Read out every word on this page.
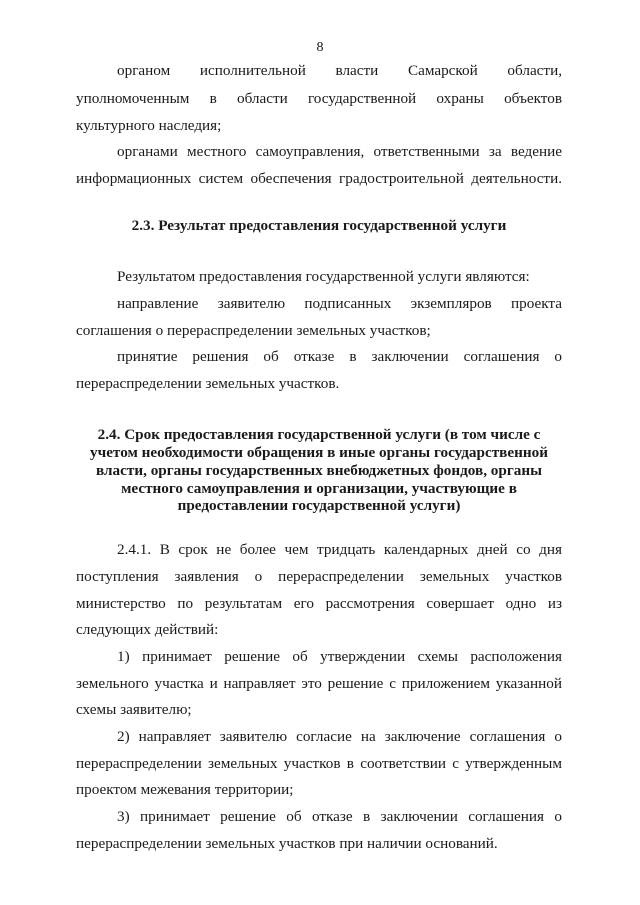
8
органом исполнительной власти Самарской области,
уполномоченным в области государственной охраны объектов
культурного наследия;
органами местного самоуправления, ответственными за ведение
информационных систем обеспечения градостроительной деятельности.
2.3. Результат предоставления государственной услуги
Результатом предоставления государственной услуги являются:
направление заявителю подписанных экземпляров проекта
соглашения о перераспределении земельных участков;
принятие решения об отказе в заключении соглашения о
перераспределении земельных участков.
2.4. Срок предоставления государственной услуги (в том числе с
учетом необходимости обращения в иные органы государственной
власти, органы государственных внебюджетных фондов, органы
местного самоуправления и организации, участвующие в
предоставлении государственной услуги)
2.4.1. В срок не более чем тридцать календарных дней со дня
поступления заявления о перераспределении земельных участков
министерство по результатам его рассмотрения совершает одно из
следующих действий:
1) принимает решение об утверждении схемы расположения
земельного участка и направляет это решение с приложением указанной
схемы заявителю;
2) направляет заявителю согласие на заключение соглашения о
перераспределении земельных участков в соответствии с утвержденным
проектом межевания территории;
3) принимает решение об отказе в заключении соглашения о
перераспределении земельных участков при наличии оснований.
